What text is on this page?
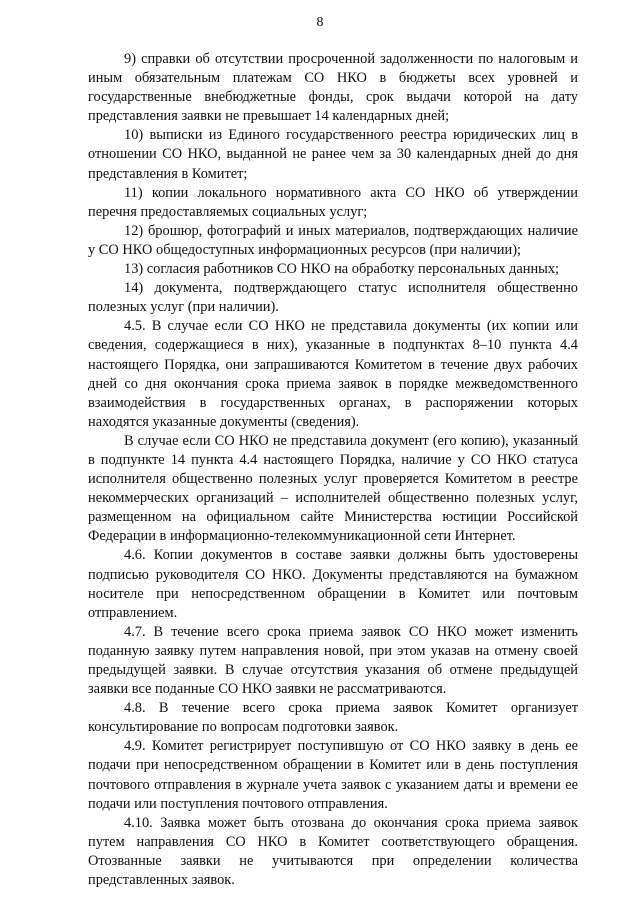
8

9) справки об отсутствии просроченной задолженности по налоговым и иным обязательным платежам СО НКО в бюджеты всех уровней и государственные внебюджетные фонды, срок выдачи которой на дату представления заявки не превышает 14 календарных дней;

10) выписки из Единого государственного реестра юридических лиц в отношении СО НКО, выданной не ранее чем за 30 календарных дней до дня представления в Комитет;

11) копии локального нормативного акта СО НКО об утверждении перечня предоставляемых социальных услуг;

12) брошюр, фотографий и иных материалов, подтверждающих наличие у СО НКО общедоступных информационных ресурсов (при наличии);

13) согласия работников СО НКО на обработку персональных данных;

14) документа, подтверждающего статус исполнителя общественно полезных услуг (при наличии).

4.5. В случае если СО НКО не представила документы (их копии или сведения, содержащиеся в них), указанные в подпунктах 8–10 пункта 4.4 настоящего Порядка, они запрашиваются Комитетом в течение двух рабочих дней со дня окончания срока приема заявок в порядке межведомственного взаимодействия в государственных органах, в распоряжении которых находятся указанные документы (сведения).

В случае если СО НКО не представила документ (его копию), указанный в подпункте 14 пункта 4.4 настоящего Порядка, наличие у СО НКО статуса исполнителя общественно полезных услуг проверяется Комитетом в реестре некоммерческих организаций – исполнителей общественно полезных услуг, размещенном на официальном сайте Министерства юстиции Российской Федерации в информационно-телекоммуникационной сети Интернет.

4.6. Копии документов в составе заявки должны быть удостоверены подписью руководителя СО НКО. Документы представляются на бумажном носителе при непосредственном обращении в Комитет или почтовым отправлением.

4.7. В течение всего срока приема заявок СО НКО может изменить поданную заявку путем направления новой, при этом указав на отмену своей предыдущей заявки. В случае отсутствия указания об отмене предыдущей заявки все поданные СО НКО заявки не рассматриваются.

4.8. В течение всего срока приема заявок Комитет организует консультирование по вопросам подготовки заявок.

4.9. Комитет регистрирует поступившую от СО НКО заявку в день ее подачи при непосредственном обращении в Комитет или в день поступления почтового отправления в журнале учета заявок с указанием даты и времени ее подачи или поступления почтового отправления.

4.10. Заявка может быть отозвана до окончания срока приема заявок путем направления СО НКО в Комитет соответствующего обращения. Отозванные заявки не учитываются при определении количества представленных заявок.
